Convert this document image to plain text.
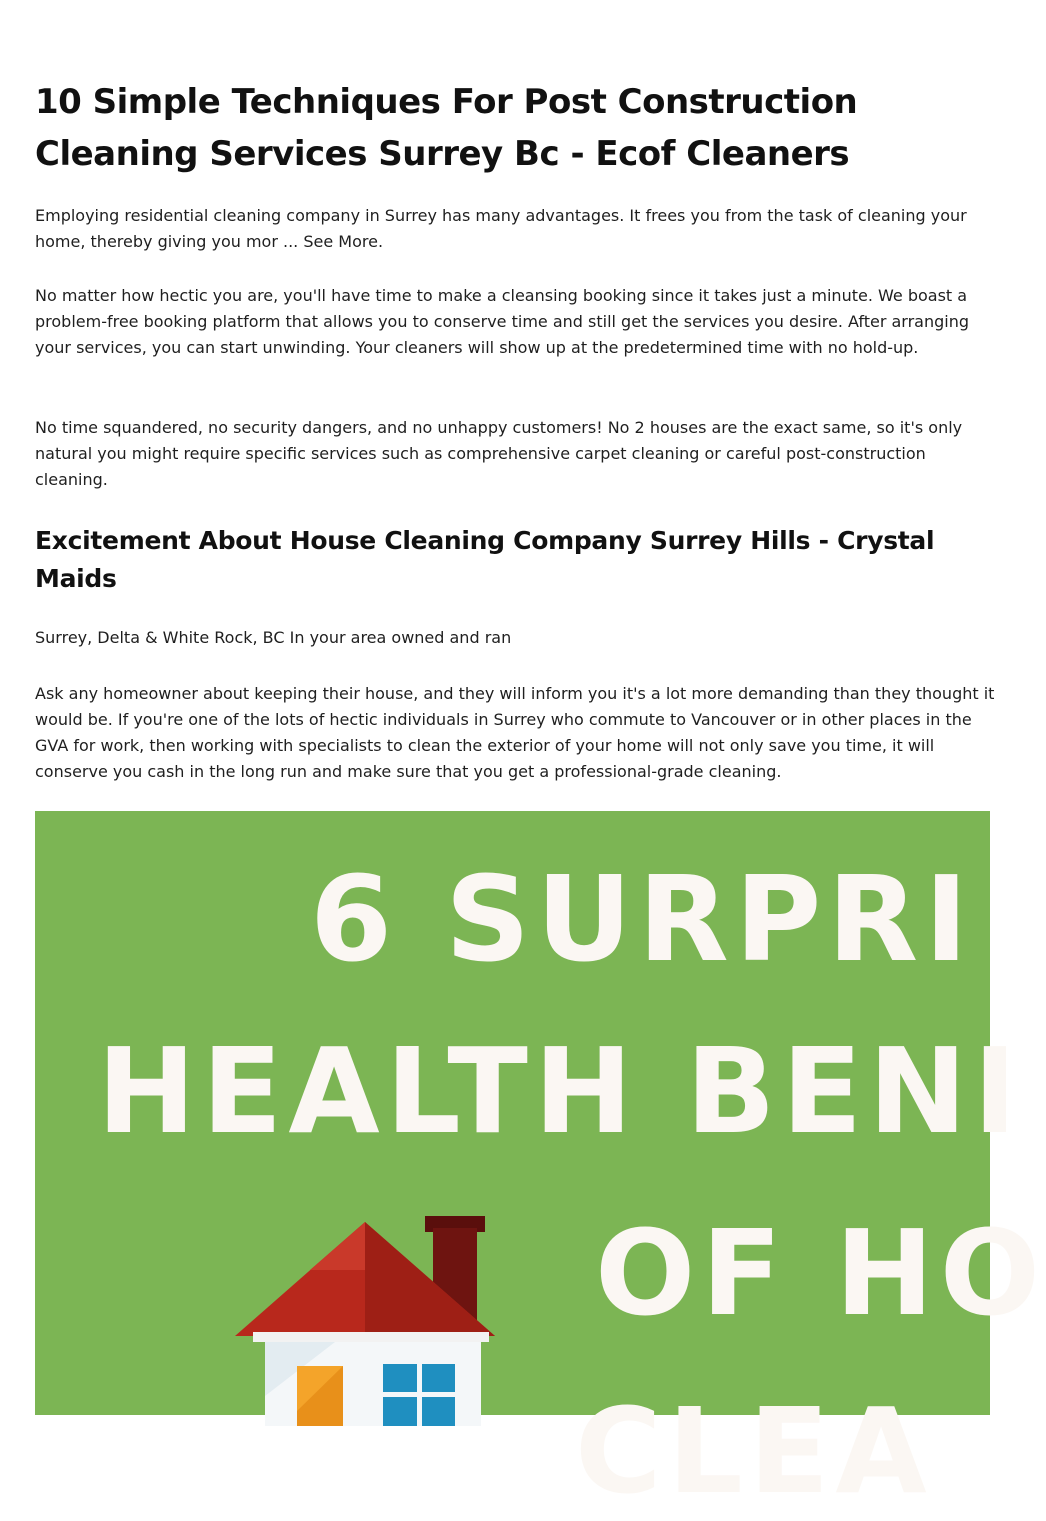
10 Simple Techniques For Post Construction Cleaning Services Surrey Bc - Ecof Cleaners

Employing residential cleaning company in Surrey has many advantages. It frees you from the task of cleaning your home, thereby giving you mor ... See More.

No matter how hectic you are, you'll have time to make a cleansing booking since it takes just a minute. We boast a problem-free booking platform that allows you to conserve time and still get the services you desire. After arranging your services, you can start unwinding. Your cleaners will show up at the predetermined time with no hold-up.

No time squandered, no security dangers, and no unhappy customers! No 2 houses are the exact same, so it's only natural you might require specific services such as comprehensive carpet cleaning or careful post-construction cleaning.

Excitement About House Cleaning Company Surrey Hills - Crystal Maids

Surrey, Delta & White Rock, BC In your area owned and ran

Ask any homeowner about keeping their house, and they will inform you it's a lot more demanding than they thought it would be. If you're one of the lots of hectic individuals in Surrey who commute to Vancouver or in other places in the GVA for work, then working with specialists to clean the exterior of your home will not only save you time, it will conserve you cash in the long run and make sure that you get a professional-grade cleaning.

6 SURPRI
HEALTH BENI
OF HO
CLEA
